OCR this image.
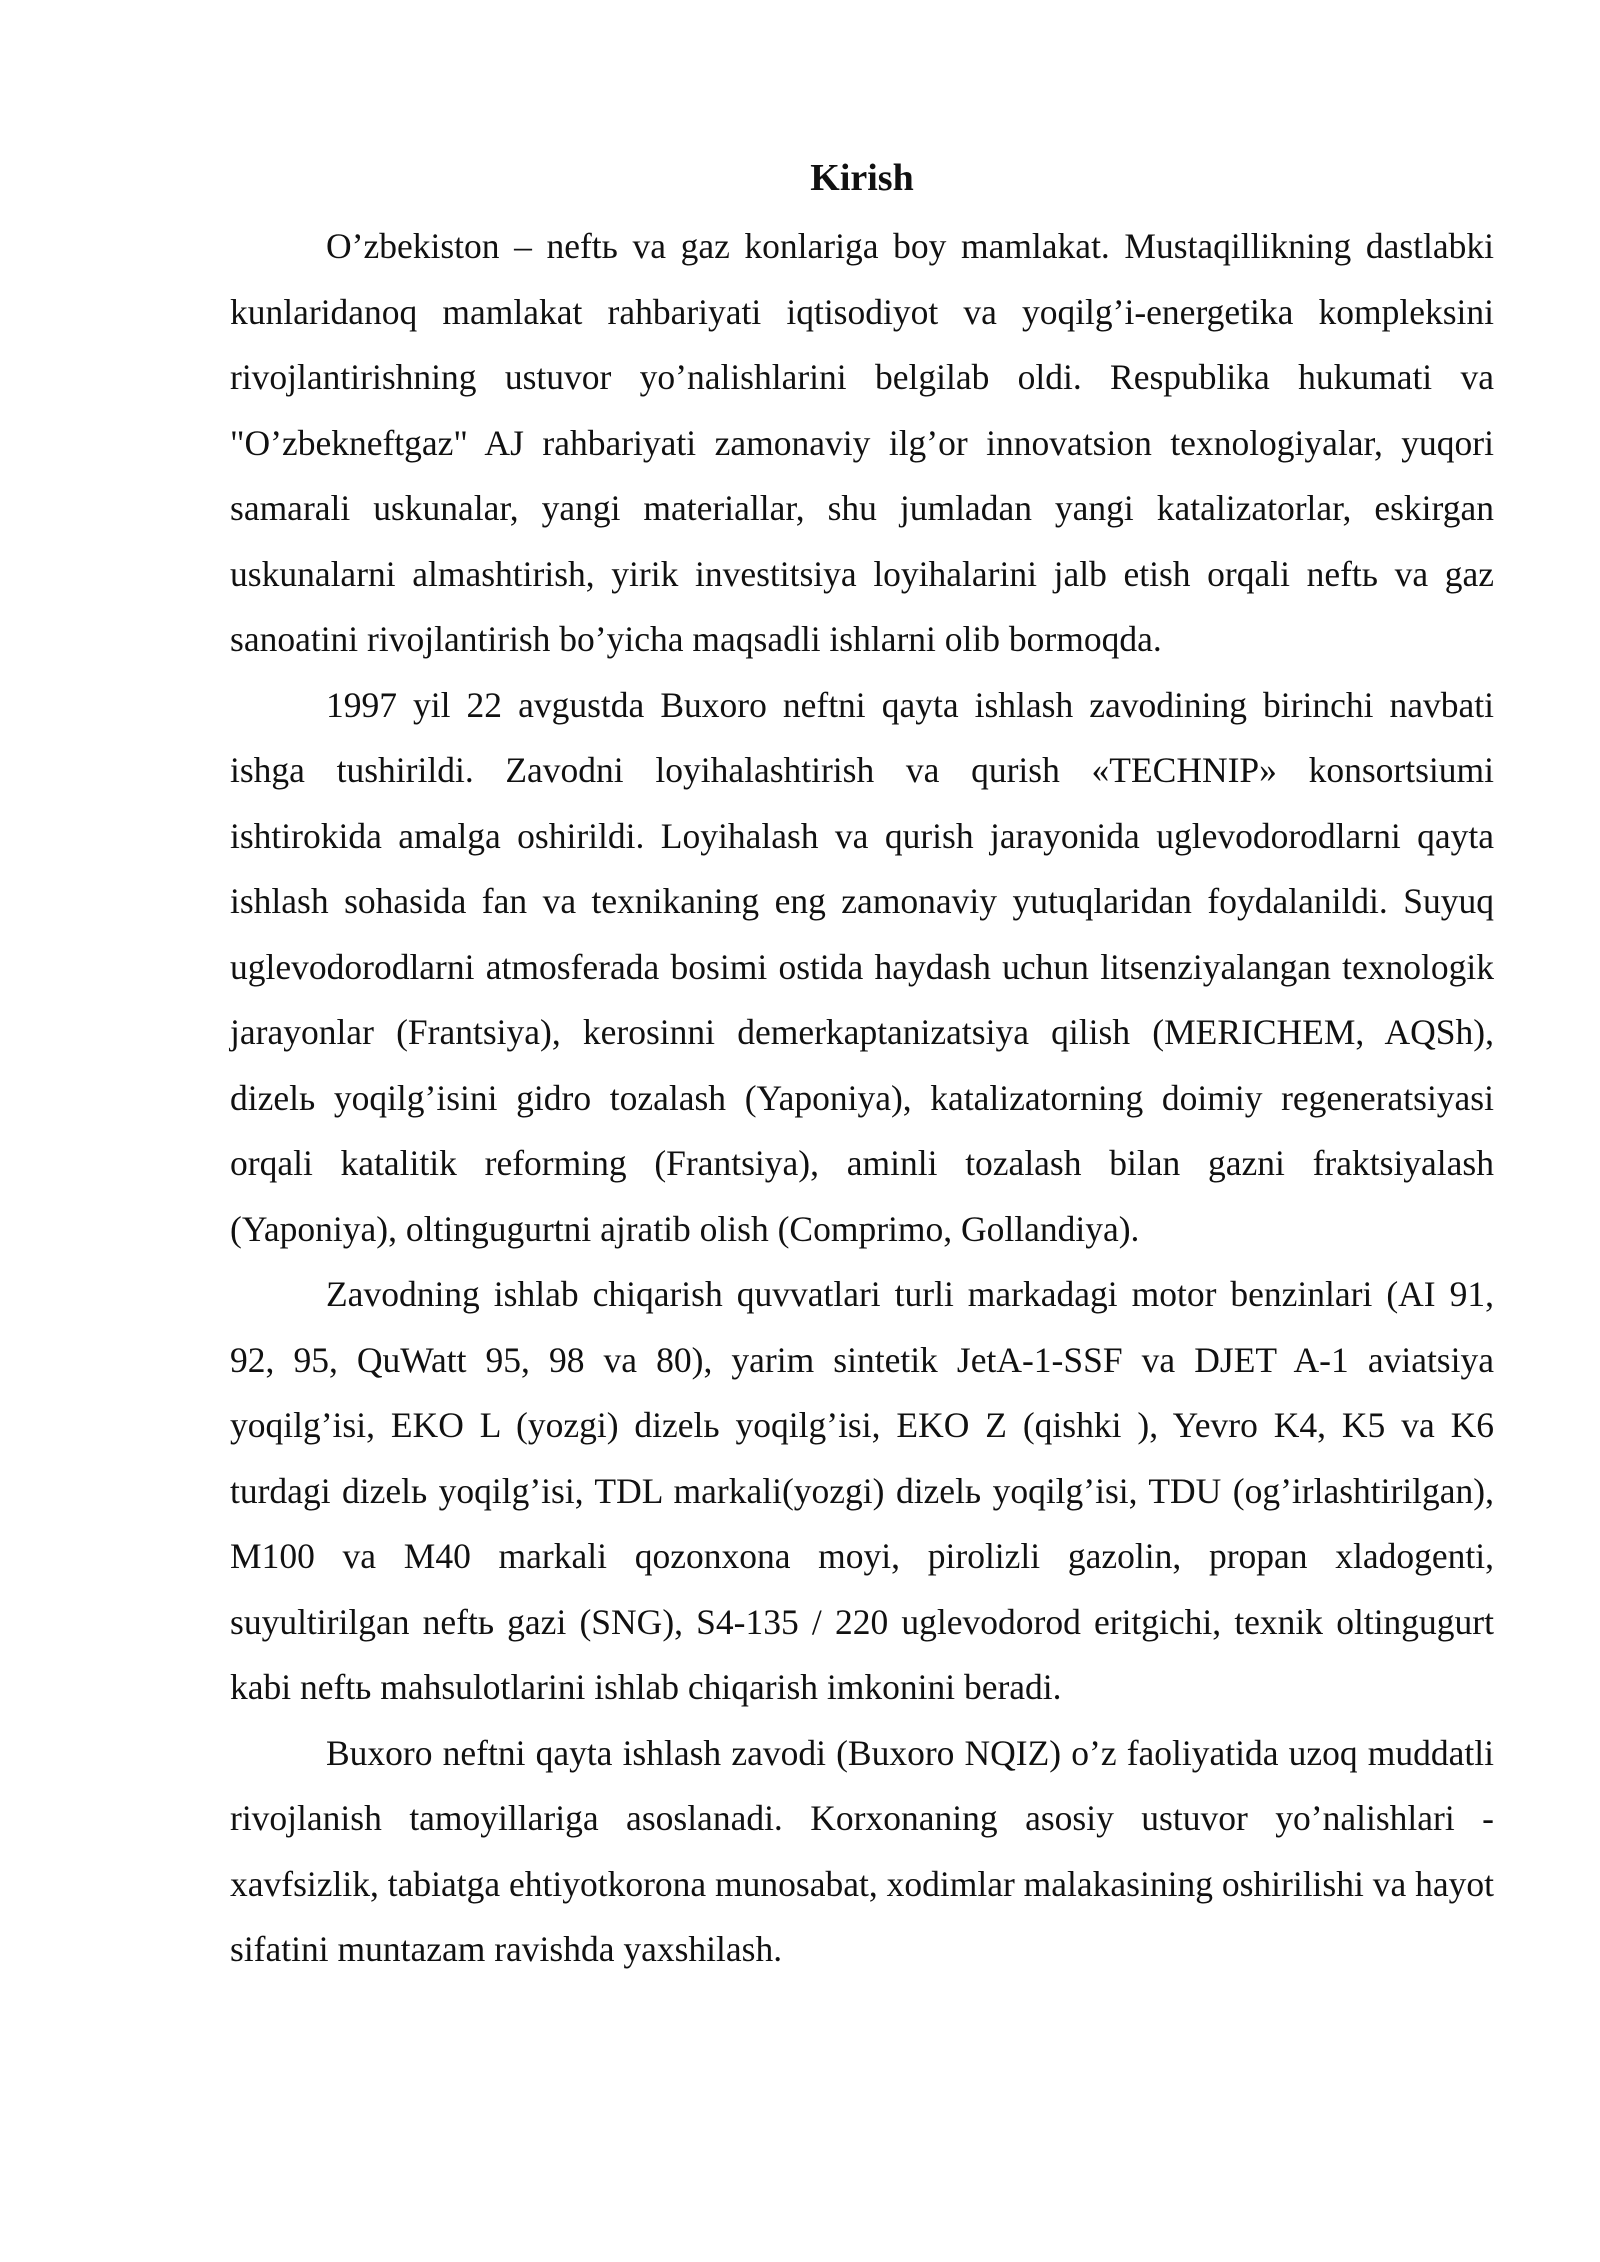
Kirish

O’zbekiston – neftь va gaz konlariga boy mamlakat. Mustaqillikning dastlabki kunlaridanoq mamlakat rahbariyati iqtisodiyot va yoqilg’i-energetika kompleksini rivojlantirishning ustuvor yo’nalishlarini belgilab oldi. Respublika hukumati va "O’zbekneftgaz" AJ rahbariyati zamonaviy ilg’or innovatsion texnologiyalar, yuqori samarali uskunalar, yangi materiallar, shu jumladan yangi katalizatorlar, eskirgan uskunalarni almashtirish, yirik investitsiya loyihalarini jalb etish orqali neftь va gaz sanoatini rivojlantirish bo’yicha maqsadli ishlarni olib bormoqda.

1997 yil 22 avgustda Buxoro neftni qayta ishlash zavodining birinchi navbati ishga tushirildi. Zavodni loyihalashtirish va qurish «TECHNIP» konsortsiumi ishtirokida amalga oshirildi. Loyihalash va qurish jarayonida uglevodorodlarni qayta ishlash sohasida fan va texnikaning eng zamonaviy yutuqlaridan foydalanildi. Suyuq uglevodorodlarni atmosferada bosimi ostida haydash uchun litsenziyalangan texnologik jarayonlar (Frantsiya), kerosinni demerkaptanizatsiya qilish (MERICHEM, AQSh), dizelь yoqilg’isini gidro tozalash (Yaponiya), katalizatorning doimiy regeneratsiyasi orqali katalitik reforming (Frantsiya), aminli tozalash bilan gazni fraktsiyalash (Yaponiya), oltingugurtni ajratib olish (Comprimo, Gollandiya).

Zavodning ishlab chiqarish quvvatlari turli markadagi motor benzinlari (AI 91, 92, 95, QuWatt 95, 98 va 80), yarim sintetik JetA-1-SSF va DJET A-1 aviatsiya yoqilg’isi, EKO L (yozgi) dizelь yoqilg’isi, EKO Z (qishki ), Yevro K4, K5 va K6 turdagi dizelь yoqilg’isi, TDL markali(yozgi) dizelь yoqilg’isi, TDU (og’irlashtirilgan), M100 va M40 markali qozonxona moyi, pirolizli gazolin, propan xladogenti, suyultirilgan neftь gazi (SNG), S4-135 / 220 uglevodorod eritgichi, texnik oltingugurt kabi neftь mahsulotlarini ishlab chiqarish imkonini beradi.

Buxoro neftni qayta ishlash zavodi (Buxoro NQIZ) o’z faoliyatida uzoq muddatli rivojlanish tamoyillariga asoslanadi. Korxonaning asosiy ustuvor yo’nalishlari - xavfsizlik, tabiatga ehtiyotkorona munosabat, xodimlar malakasining oshirilishi va hayot sifatini muntazam ravishda yaxshilash.
